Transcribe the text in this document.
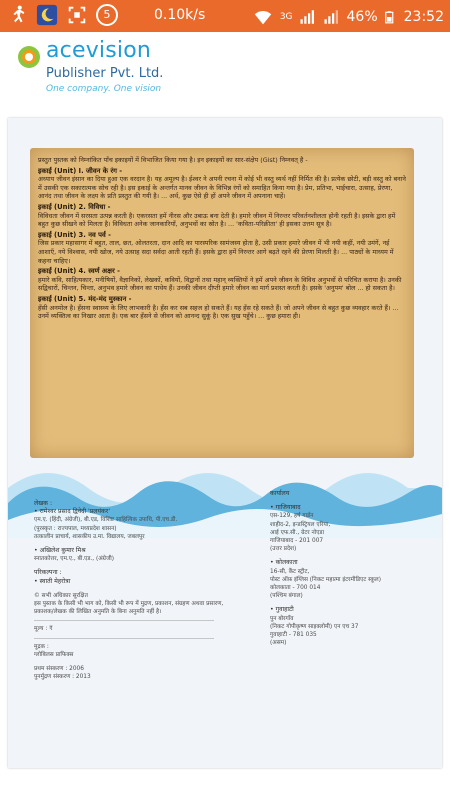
5	0.10k/s	3G	46% 23:52
acevision
Publisher Pvt. Ltd.
One company. One vision

प्रस्तुत पुस्तक को निम्नांकित पाँच इकाइयों में विभाजित किया गया है। इन इकाइयों का सार-संक्षेप (Gist) निम्नवत् है -

इकाई (Unit) I. जीवन के रंग -
अध्याय जीवन इंसान का दिया हुआ एक वरदान है। यह अमूल्य है। ईश्वर ने अपनी रचना में कोई भी वस्तु व्यर्थ नहीं निर्मित की है। प्रत्येक छोटी, बड़ी वस्तु को बनाने में उसकी एक सकारात्मक सोच रही है। इस इकाई के अन्तर्गत मानव जीवन के विभिन्न रंगों को समाहित किया गया है। प्रेम, प्रतिभा, भाईचारा, उत्साह, प्रेरणा, आनंद तथा जीवन के लक्ष्य के प्रति प्रस्तुत की गयी है। ... अर्थ, कुछ ऐसे ही हों अपने जीवन में अपनाना चाहें।
इकाई (Unit) 2. विविधा -
विविधता जीवन में सरसता उत्पन्न करती है। एकरसता हमें नीरस और उबाऊ बना देती है। हमारे जीवन में निरन्तर परिवर्तनशीलता होनी रहती है। इसके द्वारा हमें बहुत कुछ सीखने को मिलता है। विविधता अनेक जानकारियाँ, अनुभवों का स्रोत है। ... 'कविता-परिक्रीता' ही इसका उत्तम सूत्र है।
इकाई (Unit) 3. नव पर्व -
जिस प्रकार महासागर में बहुत, ताल, छत, ओलतरता, दान आदि का पारस्परिक सामंजस्य होता है, उसी प्रकार हमारे जीवन में भी नयी कहीं, नयी उमंगें, नई आशाएँ, नये विश्वास, नयी खोज, नये उत्साह सदा सर्वदा आती रहती हैं। इसके द्वारा हमें निरन्तर आगे बढ़ते रहने की प्रेरणा मिलती है। ... पाठ्यों के माध्यम में कहना चाहिए।
इकाई (Unit) 4. स्वर्ण अक्षर -
हमारे कवि, साहित्यकार, मनीषियों, वैज्ञानिकों, लेखकों, कवियों, विद्वानों तथा महान् व्यक्तियों ने हमें अपने जीवन के विविध अनुभवों से परिचित कराया है। उनकी सद्विचारों, चिन्तन, चिन्ता, अनुभव हमारे जीवन का पाथेय हैं। उनकी जीवन दीप्ती हमारे जीवन का मार्ग प्रशस्त करती है। इसके 'अनुपम' बोल ... हो सकता है।
इकाई (Unit) 5. मंद-मंद मुस्कान -
हँसी अनमोल है। हँसना स्वास्थ्य के लिए लाभकारी है। हँस कर सब सहज हो सकते हैं। यह हँस रहे सकते हैं। जो अपने जीवन से बहुत कुछ व्यवहार करते हैं। ... उनमें व्यक्तित्व का निखार आता है। एक बार हँसने से जीवन को आनन्द सुकूं है। एक सुख पहुँचे। ... कुछ हमारा ही।
लेखक :
• रामेश्वर प्रसाद द्विवेदी 'प्रलयंकर'
एम.ए. (हिंदी, अंग्रेजी), बी.एड, विशिष्ट साहित्यिक उपाधि, पी.एच.डी.
(पुरस्कृत : राज्यपाल, मध्यप्रदेश शासन)
तत्कालीन प्राचार्य, शासकीय उ.मा. विद्यालय, जबलपुर
• अखिलेश कुमार मिश्र
स्नातकोत्तर, एम.ए., बी.एड., (अंग्रेजी)
परिकल्पना :
• स्वाती मेहरोत्रा
© सभी अधिकार सुरक्षित
इस पुस्तक के किसी भी भाग को, किसी भी रूप में मुद्रण, प्रकाशन, संग्रहण अथवा प्रसारण, प्रकाशक/लेखक की लिखित अनुमति के बिना अनुमति नहीं है।
मूल्य : ₹
मुद्रक :
ग्लोबिलस प्राफिक्स
प्रथम संस्करण : 2006
पुनर्मुद्रण संस्करण : 2013
कार्यालय
• गाजियाबाद
एस-129, हर्ष गार्डन
शाहीद-2, इन्डस्ट्रियल एरिया,
आई एफ.सी., ग्रेटर नोएडा
गाजियाबाद - 201 007
(उत्तर प्रदेश)
• कोलकाता
16-सी, कैंट स्ट्रीट,
पोस्ट ऑफ़ इंग्लिस (निकट महात्मा इंटरमीडिएट स्कूल)
कोलकाता - 700 014
(पश्चिम बंगाल)
• गुवाहाटी
पुन बोरगाँव
(निकट गोपीकृष्ण साइक्लोमी) एन एच 37
गुवाहाटी - 781 035
(असम)
